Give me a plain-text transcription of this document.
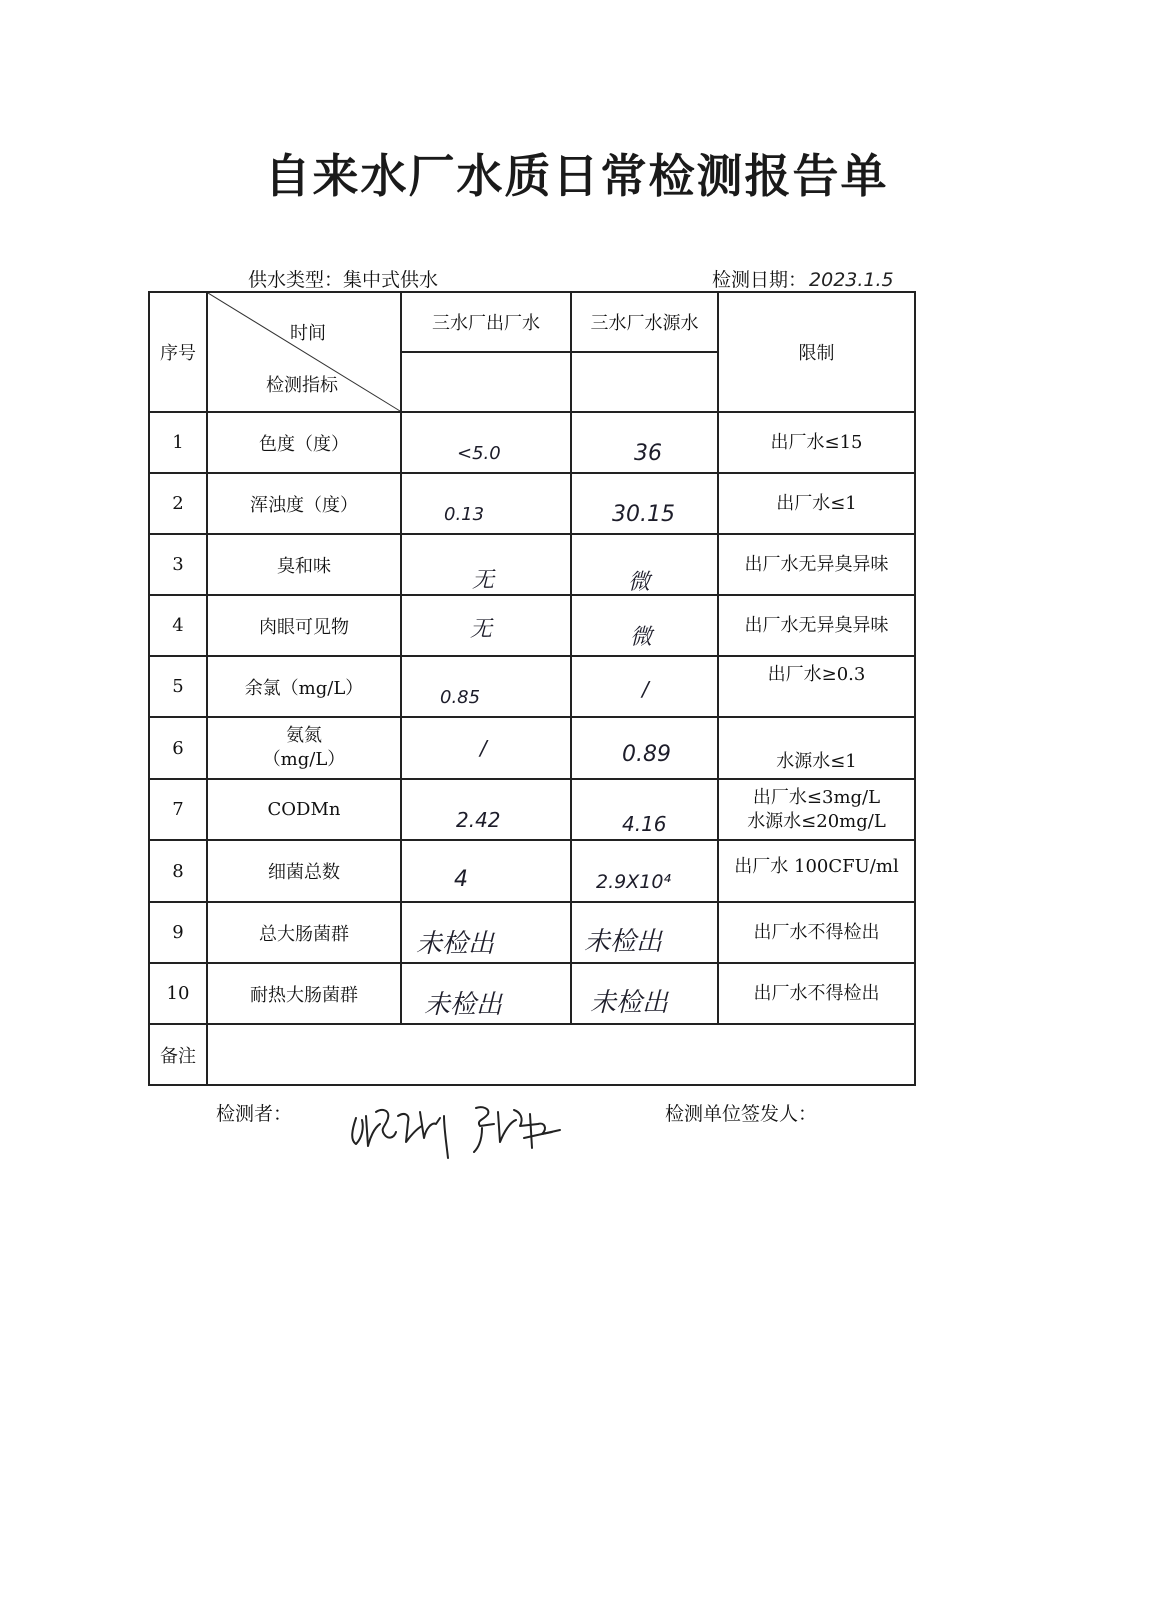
自来水厂水质日常检测报告单
供水类型：集中式供水	检测日期： 2023.1.5
序号	时间
检测指标	三水厂出厂水	三水厂水源水	限制

1	色度（度）	<5.0	36	出厂水≤15
2	浑浊度（度）	0.13	30.15	出厂水≤1
3	臭和味	无	微	出厂水无异臭异味
4	肉眼可见物	无	微	出厂水无异臭异味
5	余氯（mg/L）	0.85	/	出厂水≥0.3
6	氨氮
（mg/L）	/	0.89	水源水≤1
7	CODMn	2.42	4.16	出厂水≤3mg/L
水源水≤20mg/L

8	细菌总数	4	2.9X10⁴	出厂水 100CFU/ml
9	总大肠菌群	未检出	未检出	出厂水不得检出
10	耐热大肠菌群	未检出	未检出	出厂水不得检出
备注				
检测者：	检测单位签发人：
